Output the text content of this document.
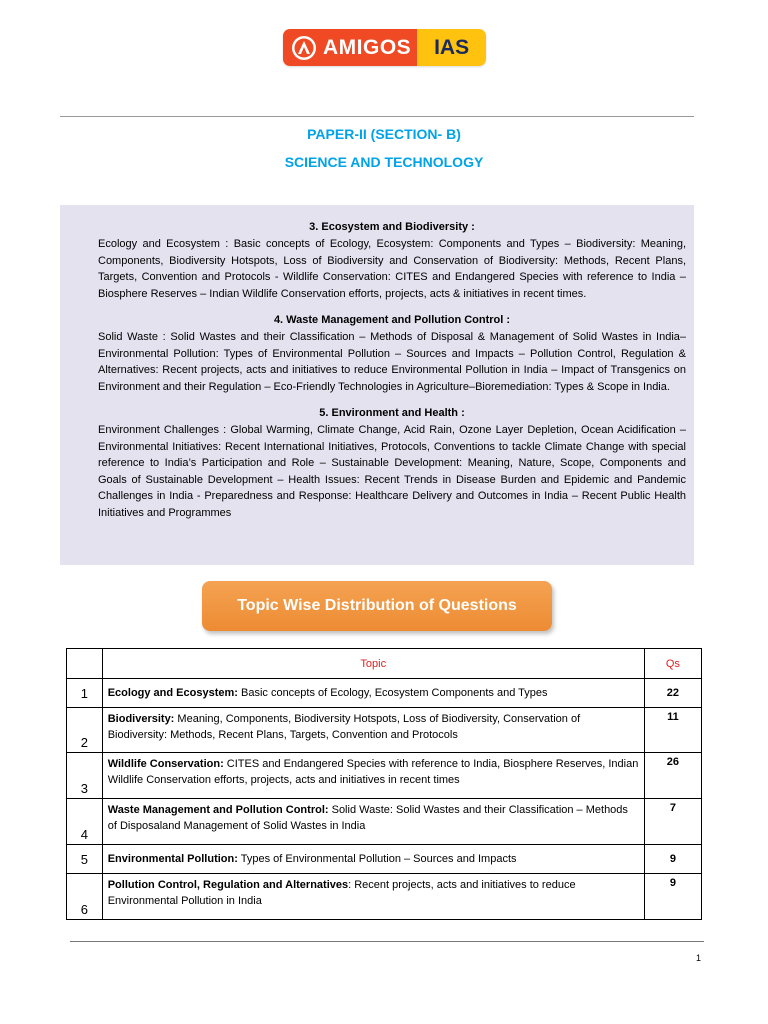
AMIGOS	IAS
PAPER-II (SECTION- B)
SCIENCE AND TECHNOLOGY

3. Ecosystem and Biodiversity :

Ecology and Ecosystem : Basic concepts of Ecology, Ecosystem: Components and Types – Biodiversity: Meaning, Components, Biodiversity Hotspots, Loss of Biodiversity and Conservation of Biodiversity: Methods, Recent Plans, Targets, Convention and Protocols - Wildlife Conservation: CITES and Endangered Species with reference to India – Biosphere Reserves – Indian Wildlife Conservation efforts, projects, acts & initiatives in recent times.

4. Waste Management and Pollution Control :

Solid Waste : Solid Wastes and their Classification – Methods of Disposal & Management of Solid Wastes in India– Environmental Pollution: Types of Environmental Pollution – Sources and Impacts – Pollution Control, Regulation & Alternatives: Recent projects, acts and initiatives to reduce Environmental Pollution in India – Impact of Transgenics on Environment and their Regulation – Eco-Friendly Technologies in Agriculture–Bioremediation: Types & Scope in India.

5. Environment and Health :

Environment Challenges : Global Warming, Climate Change, Acid Rain, Ozone Layer Depletion, Ocean Acidification – Environmental Initiatives: Recent International Initiatives, Protocols, Conventions to tackle Climate Change with special reference to India’s Participation and Role – Sustainable Development: Meaning, Nature, Scope, Components and Goals of Sustainable Development – Health Issues: Recent Trends in Disease Burden and Epidemic and Pandemic Challenges in India - Preparedness and Response: Healthcare Delivery and Outcomes in India – Recent Public Health Initiatives and Programmes

Topic Wise Distribution of Questions
	Topic	Qs
1	Ecology and Ecosystem: Basic concepts of Ecology, Ecosystem Components and Types	22
2	Biodiversity: Meaning, Components, Biodiversity Hotspots, Loss of Biodiversity, Conservation of Biodiversity: Methods, Recent Plans, Targets, Convention and Protocols	11
3	Wildlife Conservation: CITES and Endangered Species with reference to India, Biosphere Reserves, Indian Wildlife Conservation efforts, projects, acts and initiatives in recent times	26
4	Waste Management and Pollution Control: Solid Waste: Solid Wastes and their Classification – Methods of Disposaland Management of Solid Wastes in India	7
5	Environmental Pollution: Types of Environmental Pollution – Sources and Impacts	9
6	Pollution Control, Regulation and Alternatives: Recent projects, acts and initiatives to reduce Environmental Pollution in India	9
1
